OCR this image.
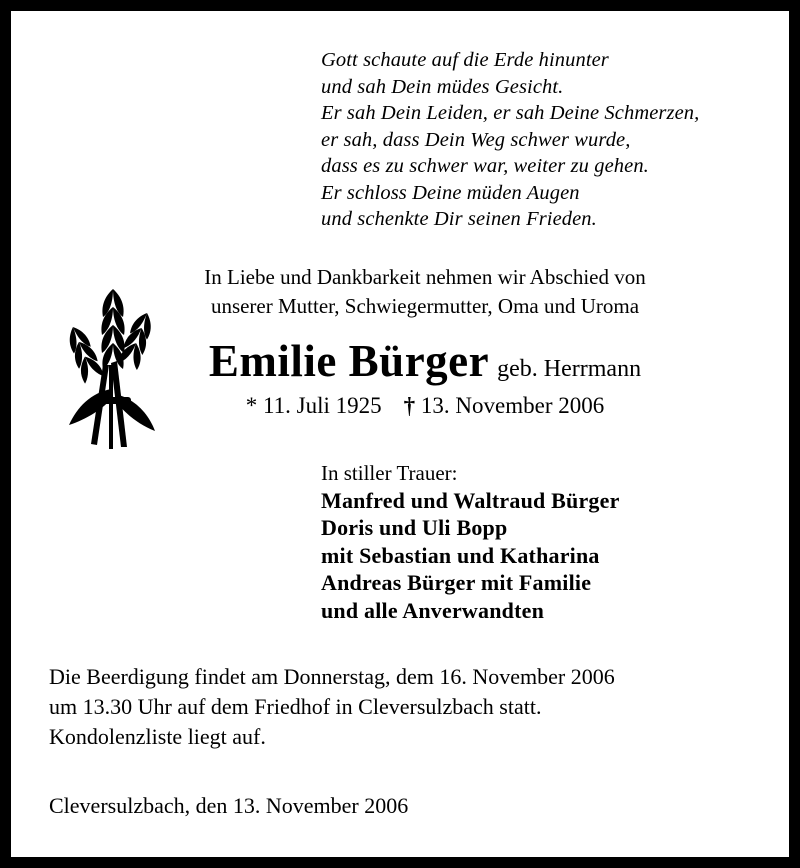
Gott schaute auf die Erde hinunter
und sah Dein müdes Gesicht.
Er sah Dein Leiden, er sah Deine Schmerzen,
er sah, dass Dein Weg schwer wurde,
dass es zu schwer war, weiter zu gehen.
Er schloss Deine müden Augen
und schenkte Dir seinen Frieden.
In Liebe und Dankbarkeit nehmen wir Abschied von
unserer Mutter, Schwiegermutter, Oma und Uroma
Emilie Bürger geb. Herrmann
* 11. Juli 1925 † 13. November 2006
In stiller Trauer:
Manfred und Waltraud Bürger
Doris und Uli Bopp
mit Sebastian und Katharina
Andreas Bürger mit Familie
und alle Anverwandten
Die Beerdigung findet am Donnerstag, dem 16. November 2006
um 13.30 Uhr auf dem Friedhof in Cleversulzbach statt.
Kondolenzliste liegt auf.
Cleversulzbach, den 13. November 2006
